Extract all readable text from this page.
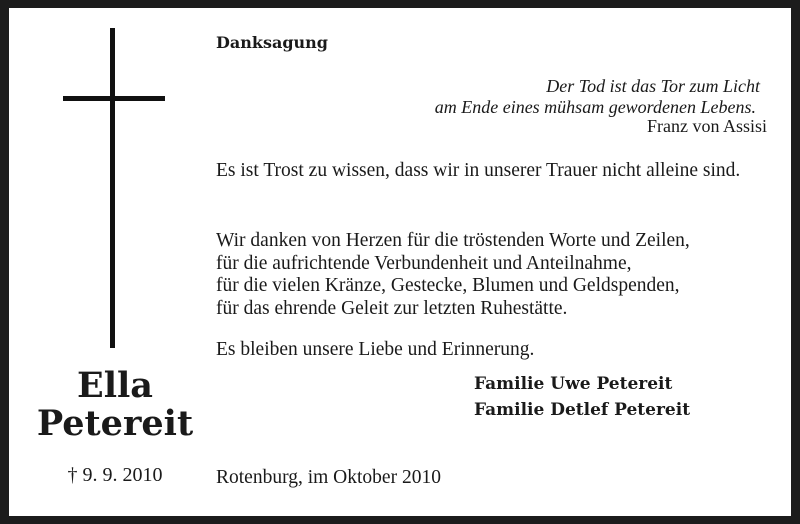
Ella
Petereit
† 9. 9. 2010
Danksagung
Der Tod ist das Tor zum Licht
am Ende eines mühsam gewordenen Lebens.
Franz von Assisi
Es ist Trost zu wissen, dass wir in unserer Trauer nicht alleine sind.
Wir danken von Herzen für die tröstenden Worte und Zeilen,
für die aufrichtende Verbundenheit und Anteilnahme,
für die vielen Kränze, Gestecke, Blumen und Geldspenden,
für das ehrende Geleit zur letzten Ruhestätte.
Es bleiben unsere Liebe und Erinnerung.
Familie Uwe Petereit
Familie Detlef Petereit
Rotenburg, im Oktober 2010
